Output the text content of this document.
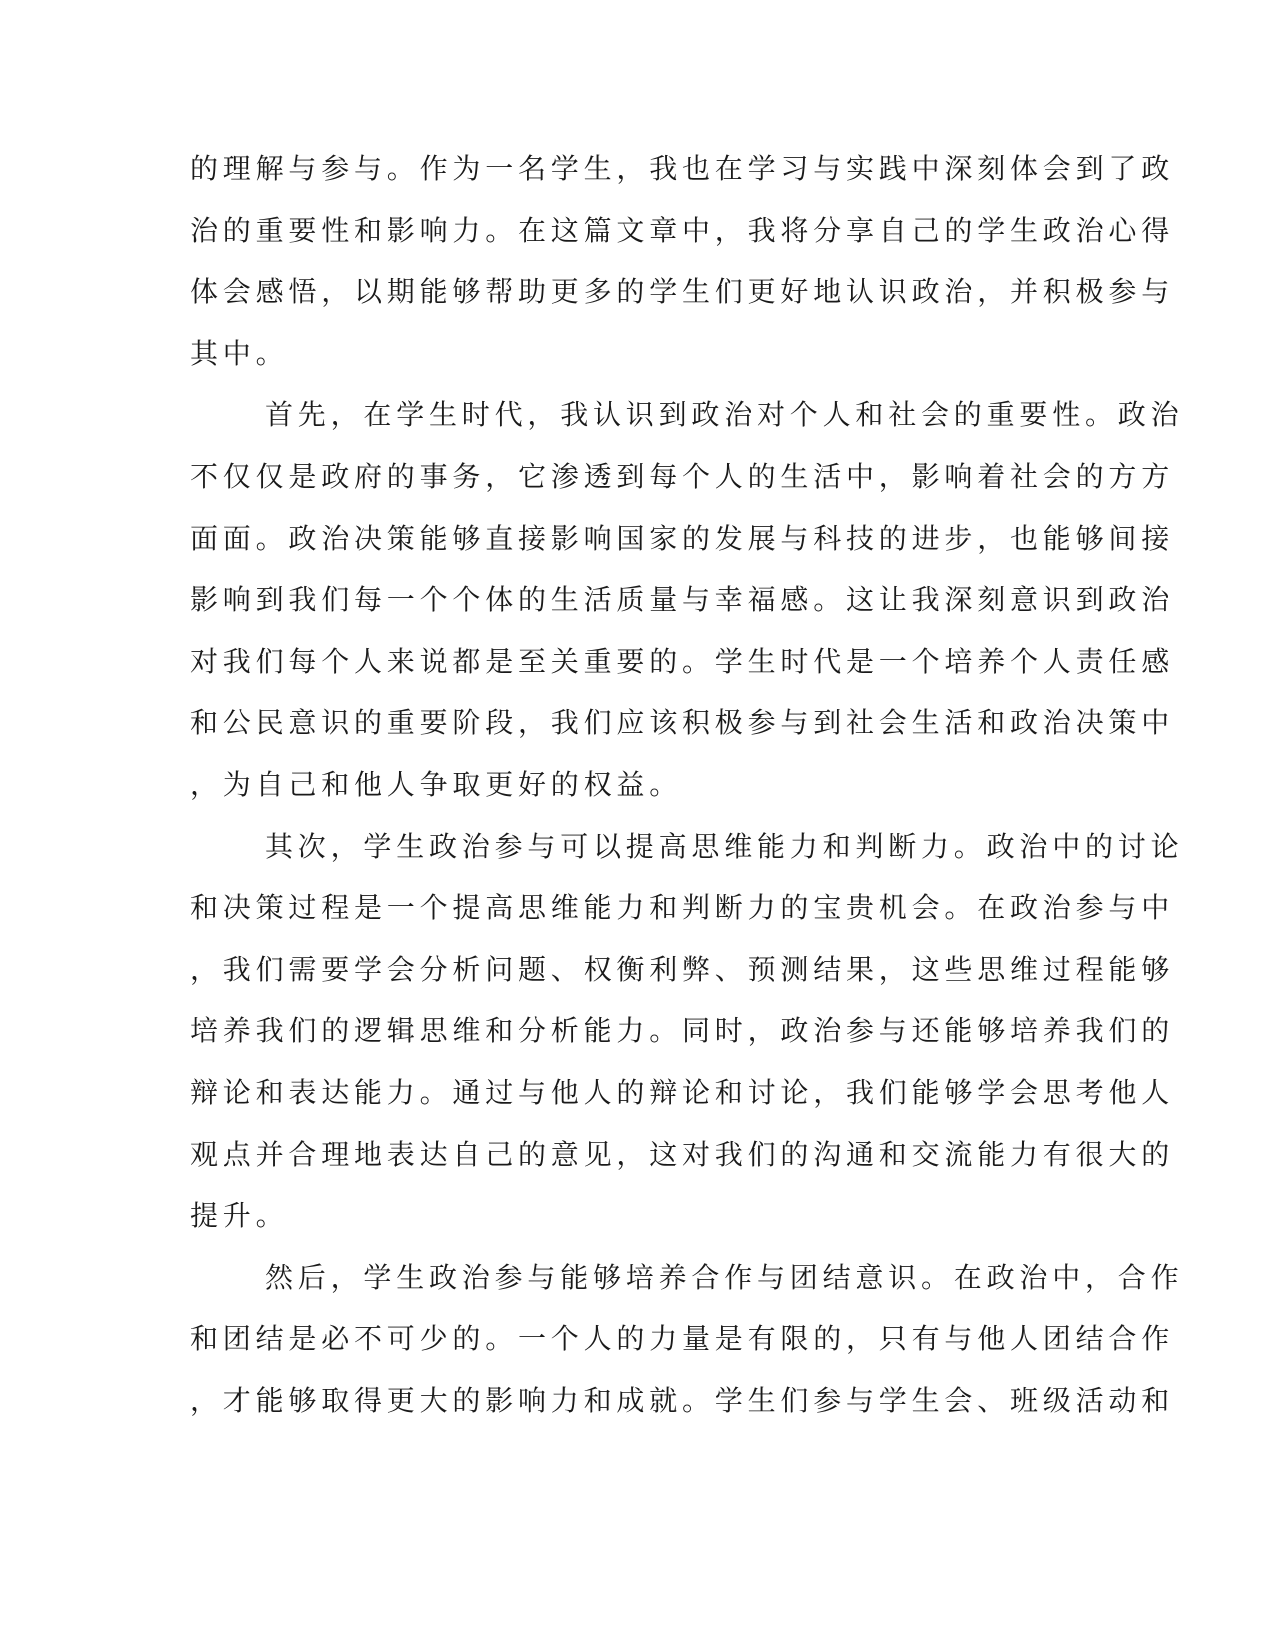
的理解与参与。作为一名学生，我也在学习与实践中深刻体会到了政
治的重要性和影响力。在这篇文章中，我将分享自己的学生政治心得
体会感悟，以期能够帮助更多的学生们更好地认识政治，并积极参与
其中。
首先，在学生时代，我认识到政治对个人和社会的重要性。政治
不仅仅是政府的事务，它渗透到每个人的生活中，影响着社会的方方
面面。政治决策能够直接影响国家的发展与科技的进步，也能够间接
影响到我们每一个个体的生活质量与幸福感。这让我深刻意识到政治
对我们每个人来说都是至关重要的。学生时代是一个培养个人责任感
和公民意识的重要阶段，我们应该积极参与到社会生活和政治决策中
，为自己和他人争取更好的权益。
其次，学生政治参与可以提高思维能力和判断力。政治中的讨论
和决策过程是一个提高思维能力和判断力的宝贵机会。在政治参与中
，我们需要学会分析问题、权衡利弊、预测结果，这些思维过程能够
培养我们的逻辑思维和分析能力。同时，政治参与还能够培养我们的
辩论和表达能力。通过与他人的辩论和讨论，我们能够学会思考他人
观点并合理地表达自己的意见，这对我们的沟通和交流能力有很大的
提升。
然后，学生政治参与能够培养合作与团结意识。在政治中，合作
和团结是必不可少的。一个人的力量是有限的，只有与他人团结合作
，才能够取得更大的影响力和成就。学生们参与学生会、班级活动和
